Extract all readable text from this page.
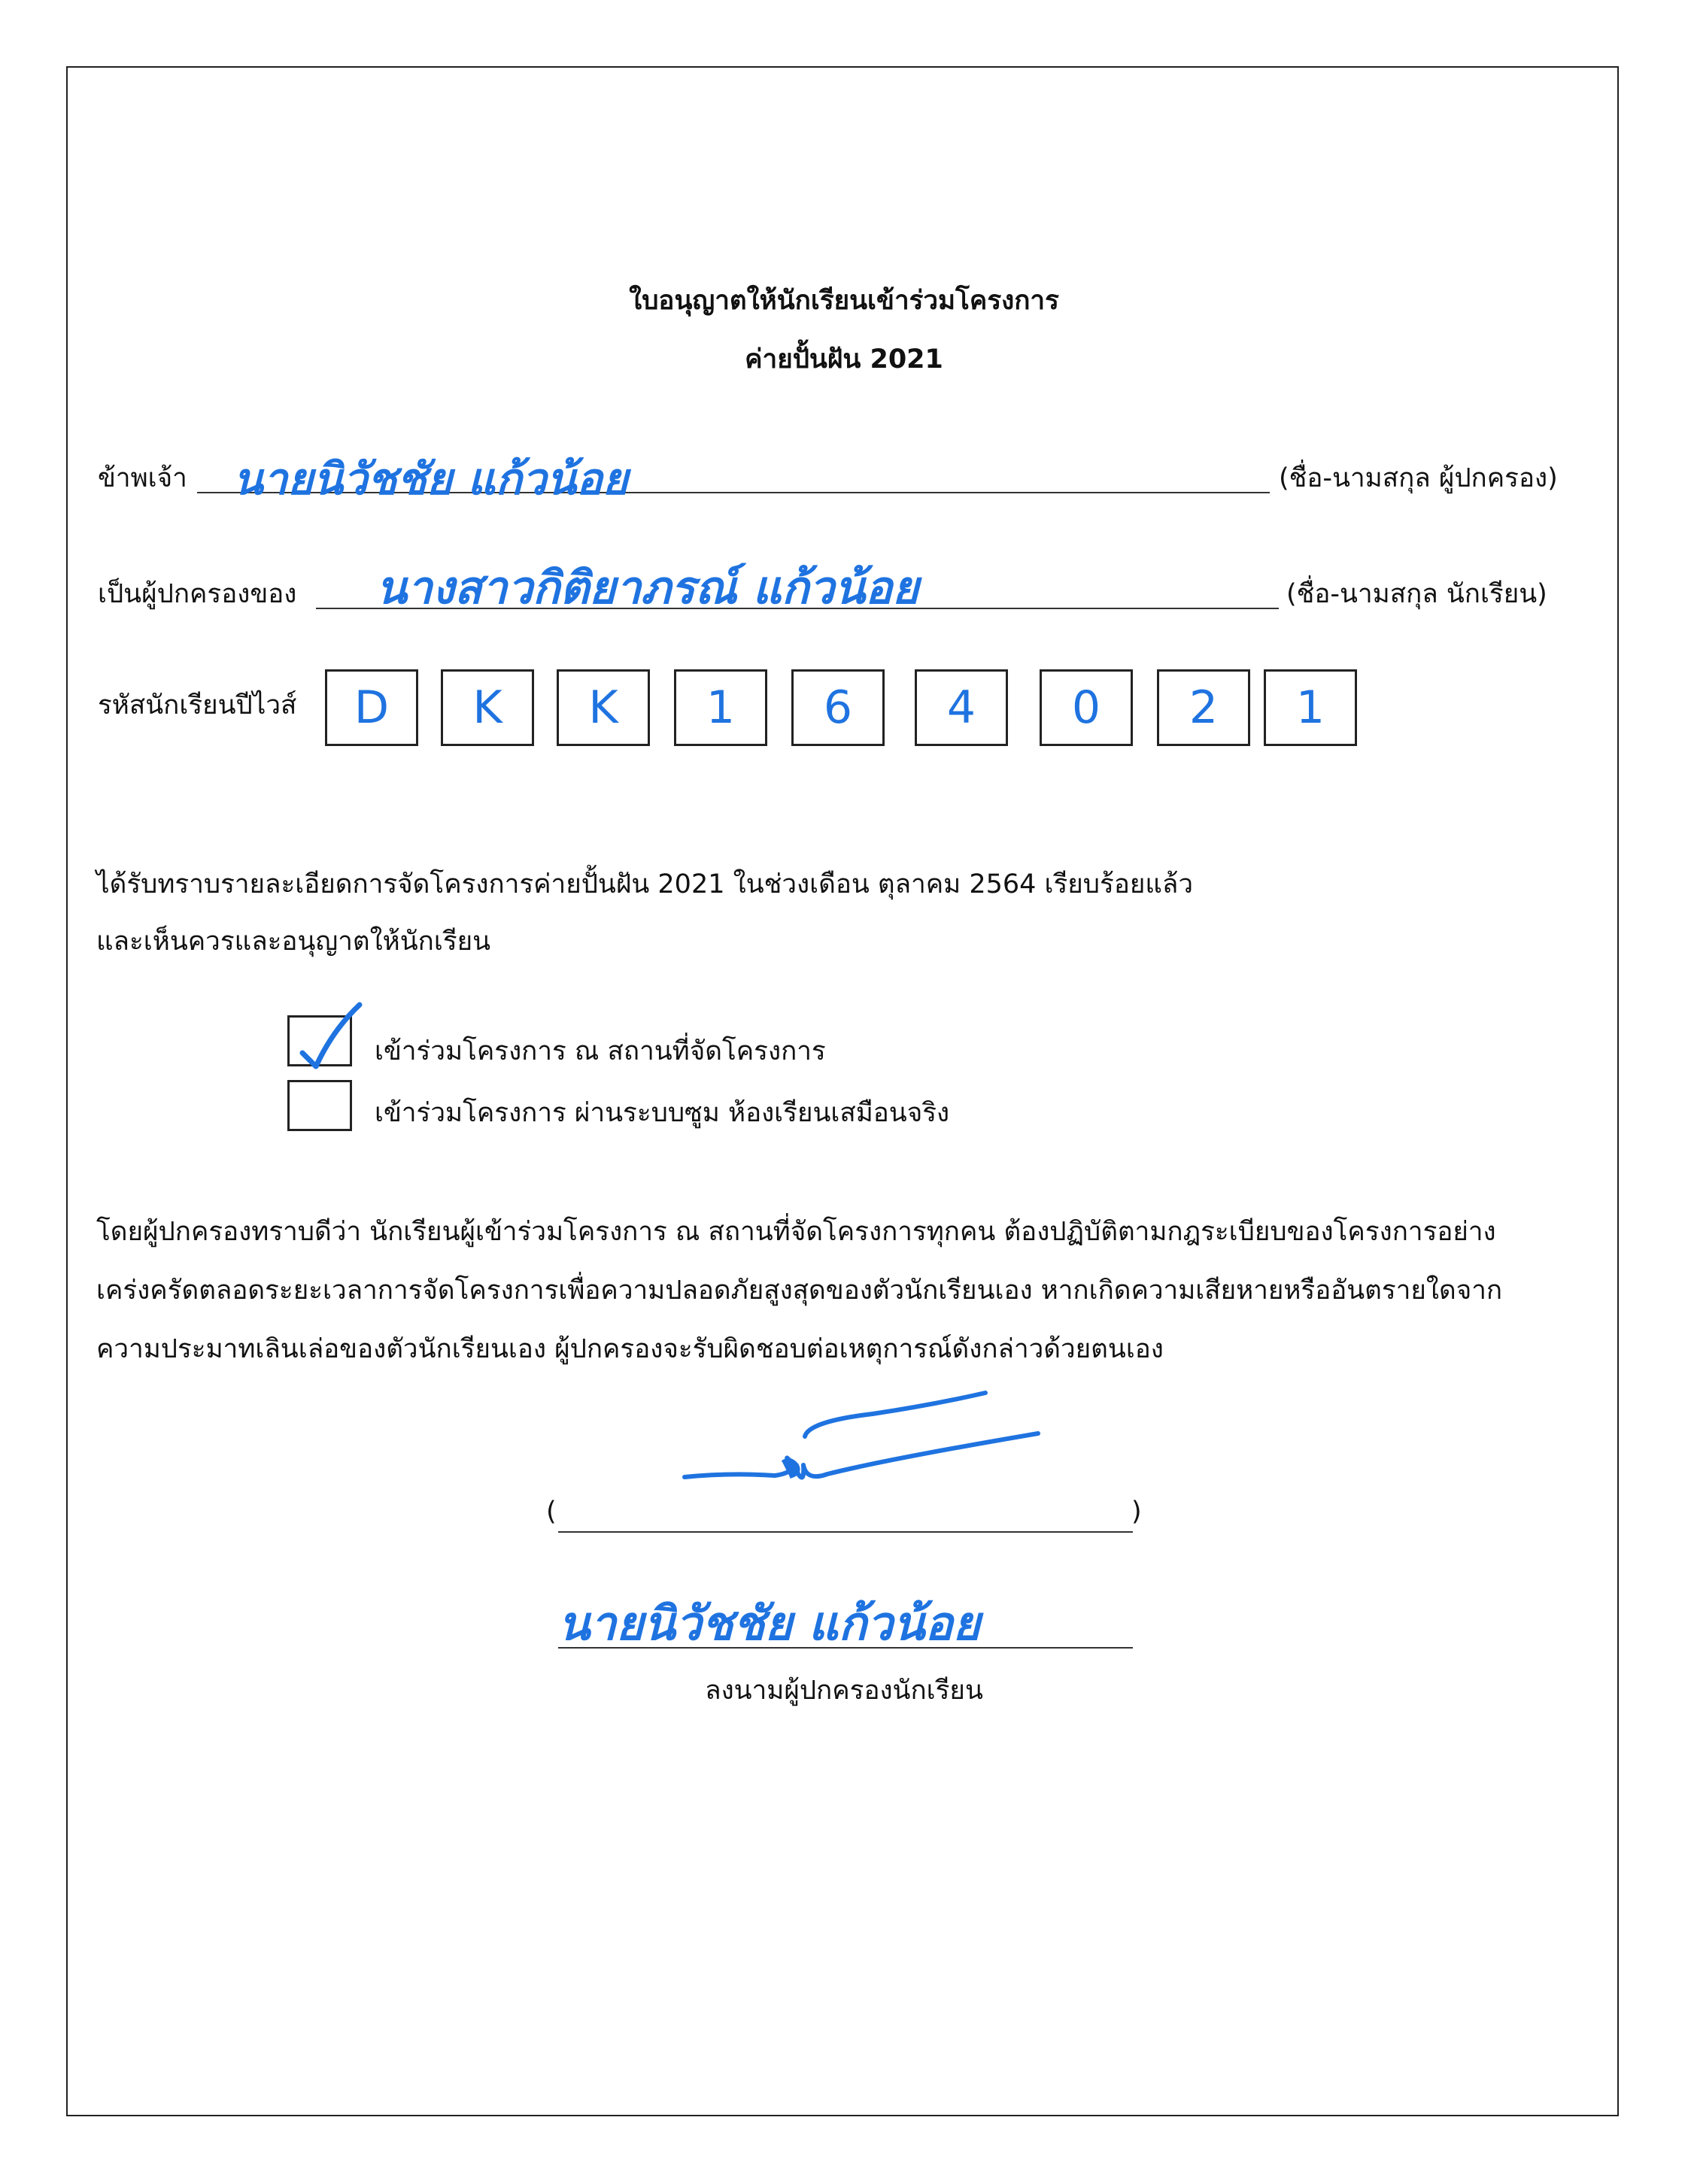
ใบอนุญาตให้นักเรียนเข้าร่วมโครงการ
ค่ายปั้นฝัน 2021
ข้าพเจ้า นายนิวัชชัย แก้วน้อย	(ชื่อ-นามสกุล ผู้ปกครอง)
เป็นผู้ปกครองของ นางสาวกิติยาภรณ์ แก้วน้อย	(ชื่อ-นามสกุล นักเรียน)
รหัสนักเรียนปีไวส์ D K K 1 6 4 0 2 1
ได้รับทราบรายละเอียดการจัดโครงการค่ายปั้นฝัน 2021 ในช่วงเดือน ตุลาคม 2564 เรียบร้อยแล้ว
และเห็นควรและอนุญาตให้นักเรียน
เข้าร่วมโครงการ ณ สถานที่จัดโครงการ
เข้าร่วมโครงการ ผ่านระบบซูม ห้องเรียนเสมือนจริง
โดยผู้ปกครองทราบดีว่า นักเรียนผู้เข้าร่วมโครงการ ณ สถานที่จัดโครงการทุกคน ต้องปฏิบัติตามกฎระเบียบของโครงการอย่าง
เคร่งครัดตลอดระยะเวลาการจัดโครงการเพื่อความปลอดภัยสูงสุดของตัวนักเรียนเอง หากเกิดความเสียหายหรืออันตรายใดจาก
ความประมาทเลินเล่อของตัวนักเรียนเอง ผู้ปกครองจะรับผิดชอบต่อเหตุการณ์ดังกล่าวด้วยตนเอง
(	)
นายนิวัชชัย แก้วน้อย
ลงนามผู้ปกครองนักเรียน
